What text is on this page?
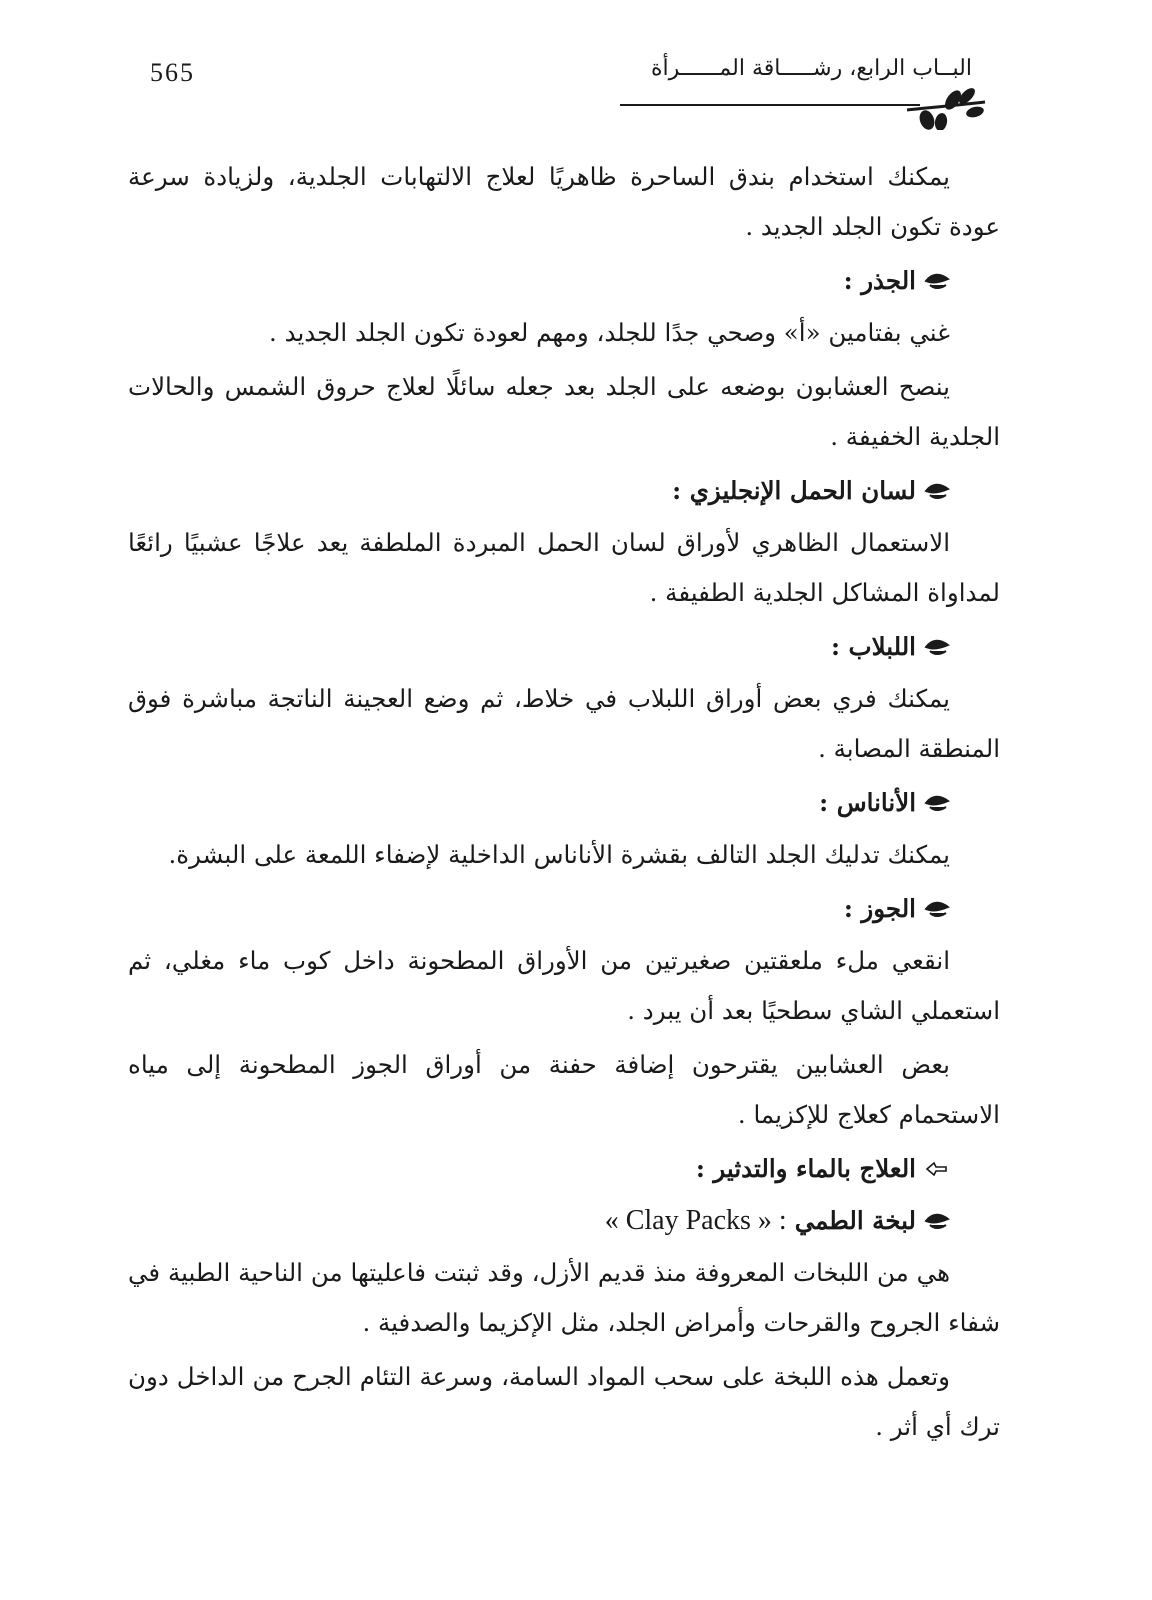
565	البــاب الرابع، رشـــــاقة المــــــرأة

يمكنك استخدام بندق الساحرة ظاهريًا لعلاج الالتهابات الجلدية، ولزيادة سرعة عودة تكون الجلد الجديد .

الجذر :

غني بفتامين «أ» وصحي جدًا للجلد، ومهم لعودة تكون الجلد الجديد .

ينصح العشابون بوضعه على الجلد بعد جعله سائلًا لعلاج حروق الشمس والحالات الجلدية الخفيفة .

لسان الحمل الإنجليزي :

الاستعمال الظاهري لأوراق لسان الحمل المبردة الملطفة يعد علاجًا عشبيًا رائعًا لمداواة المشاكل الجلدية الطفيفة .

اللبلاب :

يمكنك فري بعض أوراق اللبلاب في خلاط، ثم وضع العجينة الناتجة مباشرة فوق المنطقة المصابة .

الأناناس :

يمكنك تدليك الجلد التالف بقشرة الأناناس الداخلية لإضفاء اللمعة على البشرة.

الجوز :

انقعي ملء ملعقتين صغيرتين من الأوراق المطحونة داخل كوب ماء مغلي، ثم استعملي الشاي سطحيًا بعد أن يبرد .

بعض العشابين يقترحون إضافة حفنة من أوراق الجوز المطحونة إلى مياه الاستحمام كعلاج للإكزيما .

العلاج بالماء والتدثير :
لبخة الطمي
« Clay Packs » :

هي من اللبخات المعروفة منذ قديم الأزل، وقد ثبتت فاعليتها من الناحية الطبية في شفاء الجروح والقرحات وأمراض الجلد، مثل الإكزيما والصدفية .

وتعمل هذه اللبخة على سحب المواد السامة، وسرعة التئام الجرح من الداخل دون ترك أي أثر .
